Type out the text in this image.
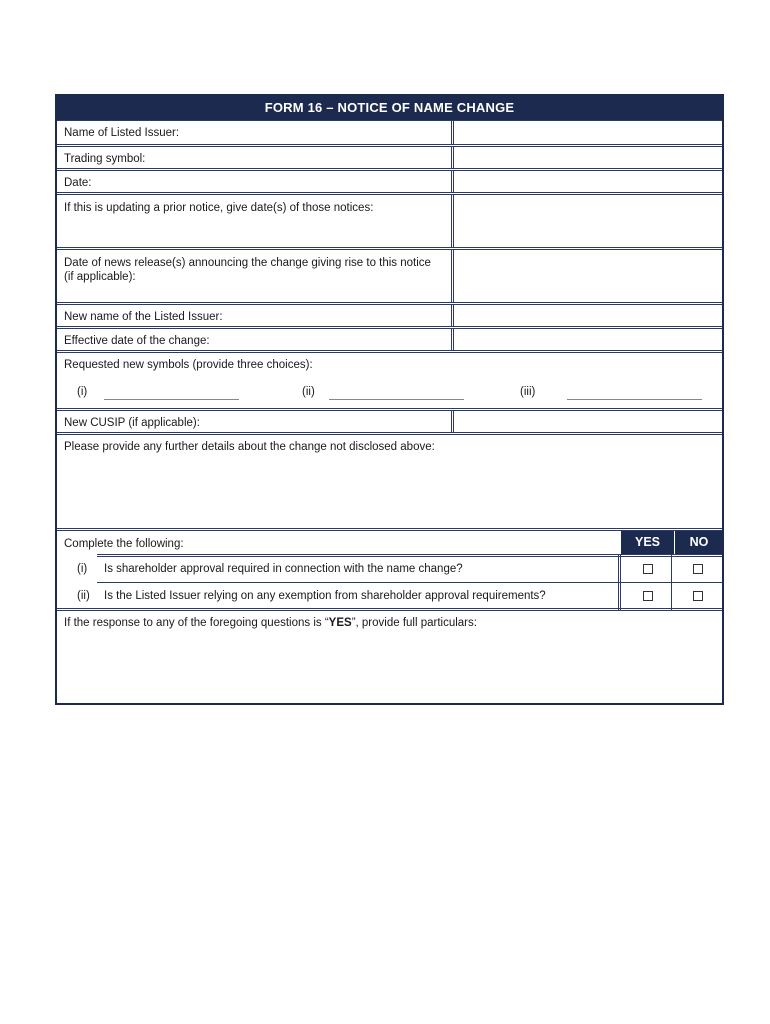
FORM 16 – NOTICE OF NAME CHANGE
Name of Listed Issuer:
Trading symbol:
Date:
If this is updating a prior notice, give date(s) of those notices:
Date of news release(s) announcing the change giving rise to this notice
(if applicable):
New name of the Listed Issuer:
Effective date of the change:
Requested new symbols (provide three choices):
(i)	(ii)	(iii)
New CUSIP (if applicable):
Please provide any further details about the change not disclosed above:
Complete the following:	YES	NO
(i) Is shareholder approval required in connection with the name change?
(ii) Is the Listed Issuer relying on any exemption from shareholder approval requirements?
If the response to any of the foregoing questions is “YES”, provide full particulars:
